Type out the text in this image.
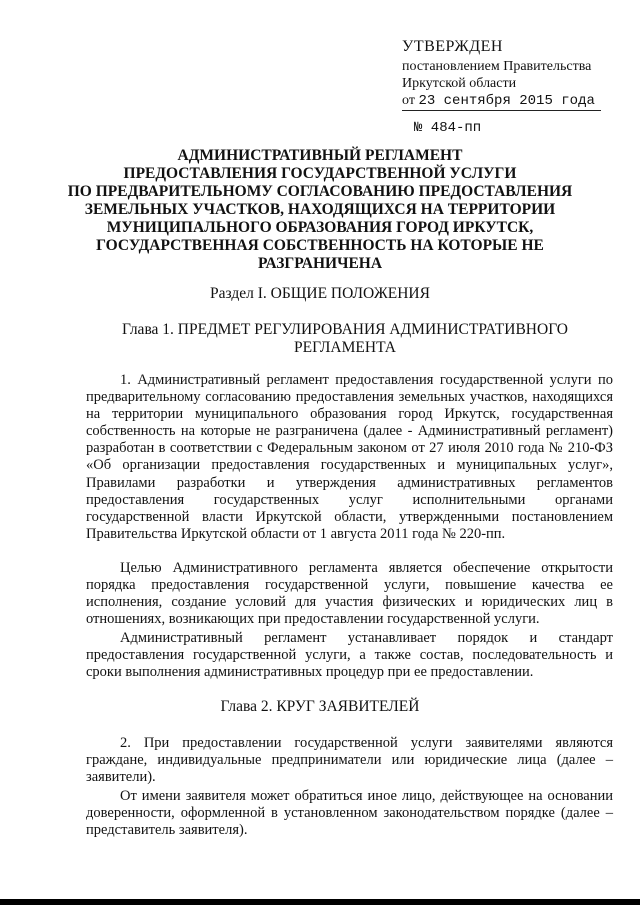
УТВЕРЖДЕН
постановлением Правительства
Иркутской области
от 23 сентября 2015 года
№ 484-пп
АДМИНИСТРАТИВНЫЙ РЕГЛАМЕНТ
ПРЕДОСТАВЛЕНИЯ ГОСУДАРСТВЕННОЙ УСЛУГИ
ПО ПРЕДВАРИТЕЛЬНОМУ СОГЛАСОВАНИЮ ПРЕДОСТАВЛЕНИЯ
ЗЕМЕЛЬНЫХ УЧАСТКОВ, НАХОДЯЩИХСЯ НА ТЕРРИТОРИИ
МУНИЦИПАЛЬНОГО ОБРАЗОВАНИЯ ГОРОД ИРКУТСК,
ГОСУДАРСТВЕННАЯ СОБСТВЕННОСТЬ НА КОТОРЫЕ НЕ
РАЗГРАНИЧЕНА
Раздел I. ОБЩИЕ ПОЛОЖЕНИЯ
Глава 1. ПРЕДМЕТ РЕГУЛИРОВАНИЯ АДМИНИСТРАТИВНОГО
РЕГЛАМЕНТА

1. Административный регламент предоставления государственной услуги по предварительному согласованию предоставления земельных участков, находящихся на территории муниципального образования город Иркутск, государственная собственность на которые не разграничена (далее - Административный регламент) разработан в соответствии с Федеральным законом от 27 июля 2010 года № 210-ФЗ «Об организации предоставления государственных и муниципальных услуг», Правилами разработки и утверждения административных регламентов предоставления государственных услуг исполнительными органами государственной власти Иркутской области, утвержденными постановлением Правительства Иркутской области от 1 августа 2011 года № 220-пп.

Целью Административного регламента является обеспечение открытости порядка предоставления государственной услуги, повышение качества ее исполнения, создание условий для участия физических и юридических лиц в отношениях, возникающих при предоставлении государственной услуги.

Административный регламент устанавливает порядок и стандарт предоставления государственной услуги, а также состав, последовательность и сроки выполнения административных процедур при ее предоставлении.

Глава 2. КРУГ ЗАЯВИТЕЛЕЙ

2. При предоставлении государственной услуги заявителями являются граждане, индивидуальные предприниматели или юридические лица (далее – заявители).

От имени заявителя может обратиться иное лицо, действующее на основании доверенности, оформленной в установленном законодательством порядке (далее – представитель заявителя).
